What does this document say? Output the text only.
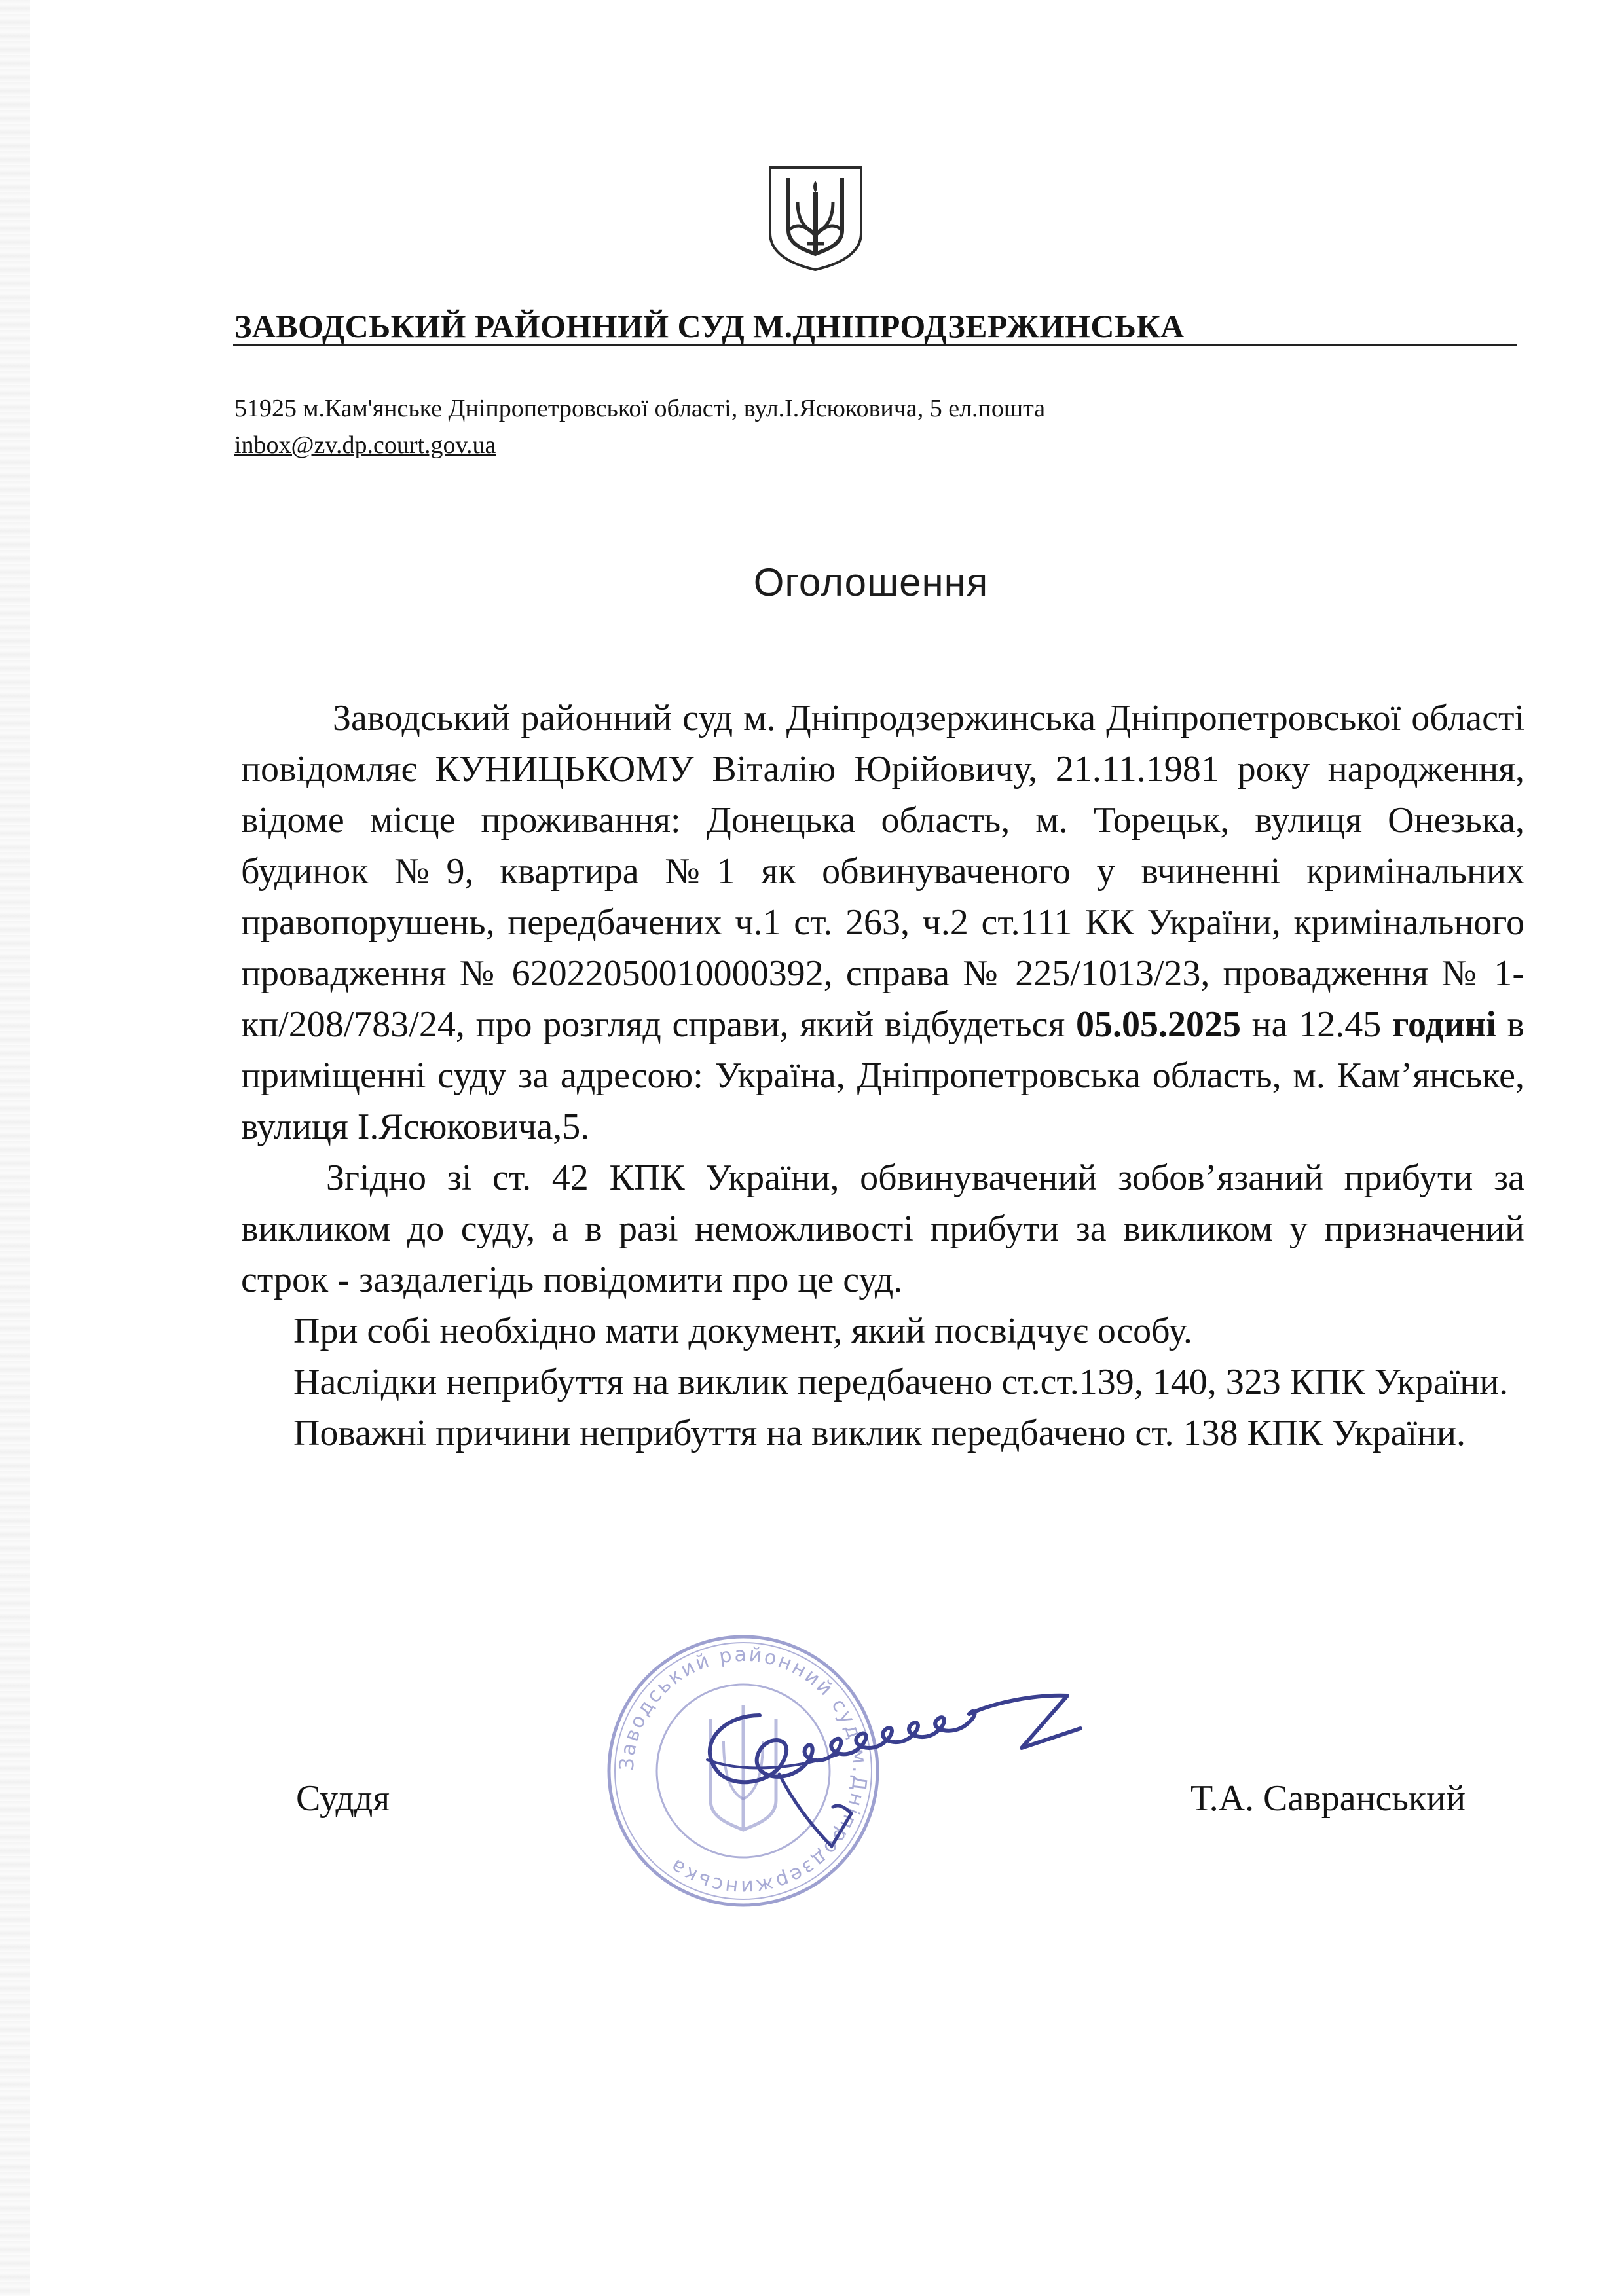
ЗАВОДСЬКИЙ РАЙОННИЙ СУД М.ДНІПРОДЗЕРЖИНСЬКА
51925 м.Кам'янське Дніпропетровської області, вул.І.Ясюковича, 5 ел.пошта
inbox@zv.dp.court.gov.ua
Оголошення

Заводський районний суд м. Дніпродзержинська Дніпропетровської області повідомляє КУНИЦЬКОМУ Віталію Юрійовичу, 21.11.1981 року народження, відоме місце проживання: Донецька область, м. Торецьк, вулиця Онезька, будинок №9, квартира №1 як обвинуваченого у вчиненні кримінальних правопорушень, передбачених ч.1 ст. 263, ч.2 ст.111 КК України, кримінального провадження № 62022050010000392, справа № 225/1013/23, провадження № 1-кп/208/783/24, про розгляд справи, який відбудеться 05.05.2025 на 12.45 годині в приміщенні суду за адресою: Україна, Дніпропетровська область, м. Кам’янське, вулиця І.Ясюковича,5.

Згідно зі ст. 42 КПК України, обвинувачений зобов’язаний прибути за викликом до суду, а в разі неможливості прибути за викликом у призначений строк - заздалегідь повідомити про це суд.

При собі необхідно мати документ, який посвідчує особу.

Наслідки неприбуття на виклик передбачено ст.ст.139, 140, 323 КПК України.

Поважні причини неприбуття на виклик передбачено ст. 138 КПК України.

Заводський районний суд м.Дніпродзержинська
Суддя	Т.А. Савранський
